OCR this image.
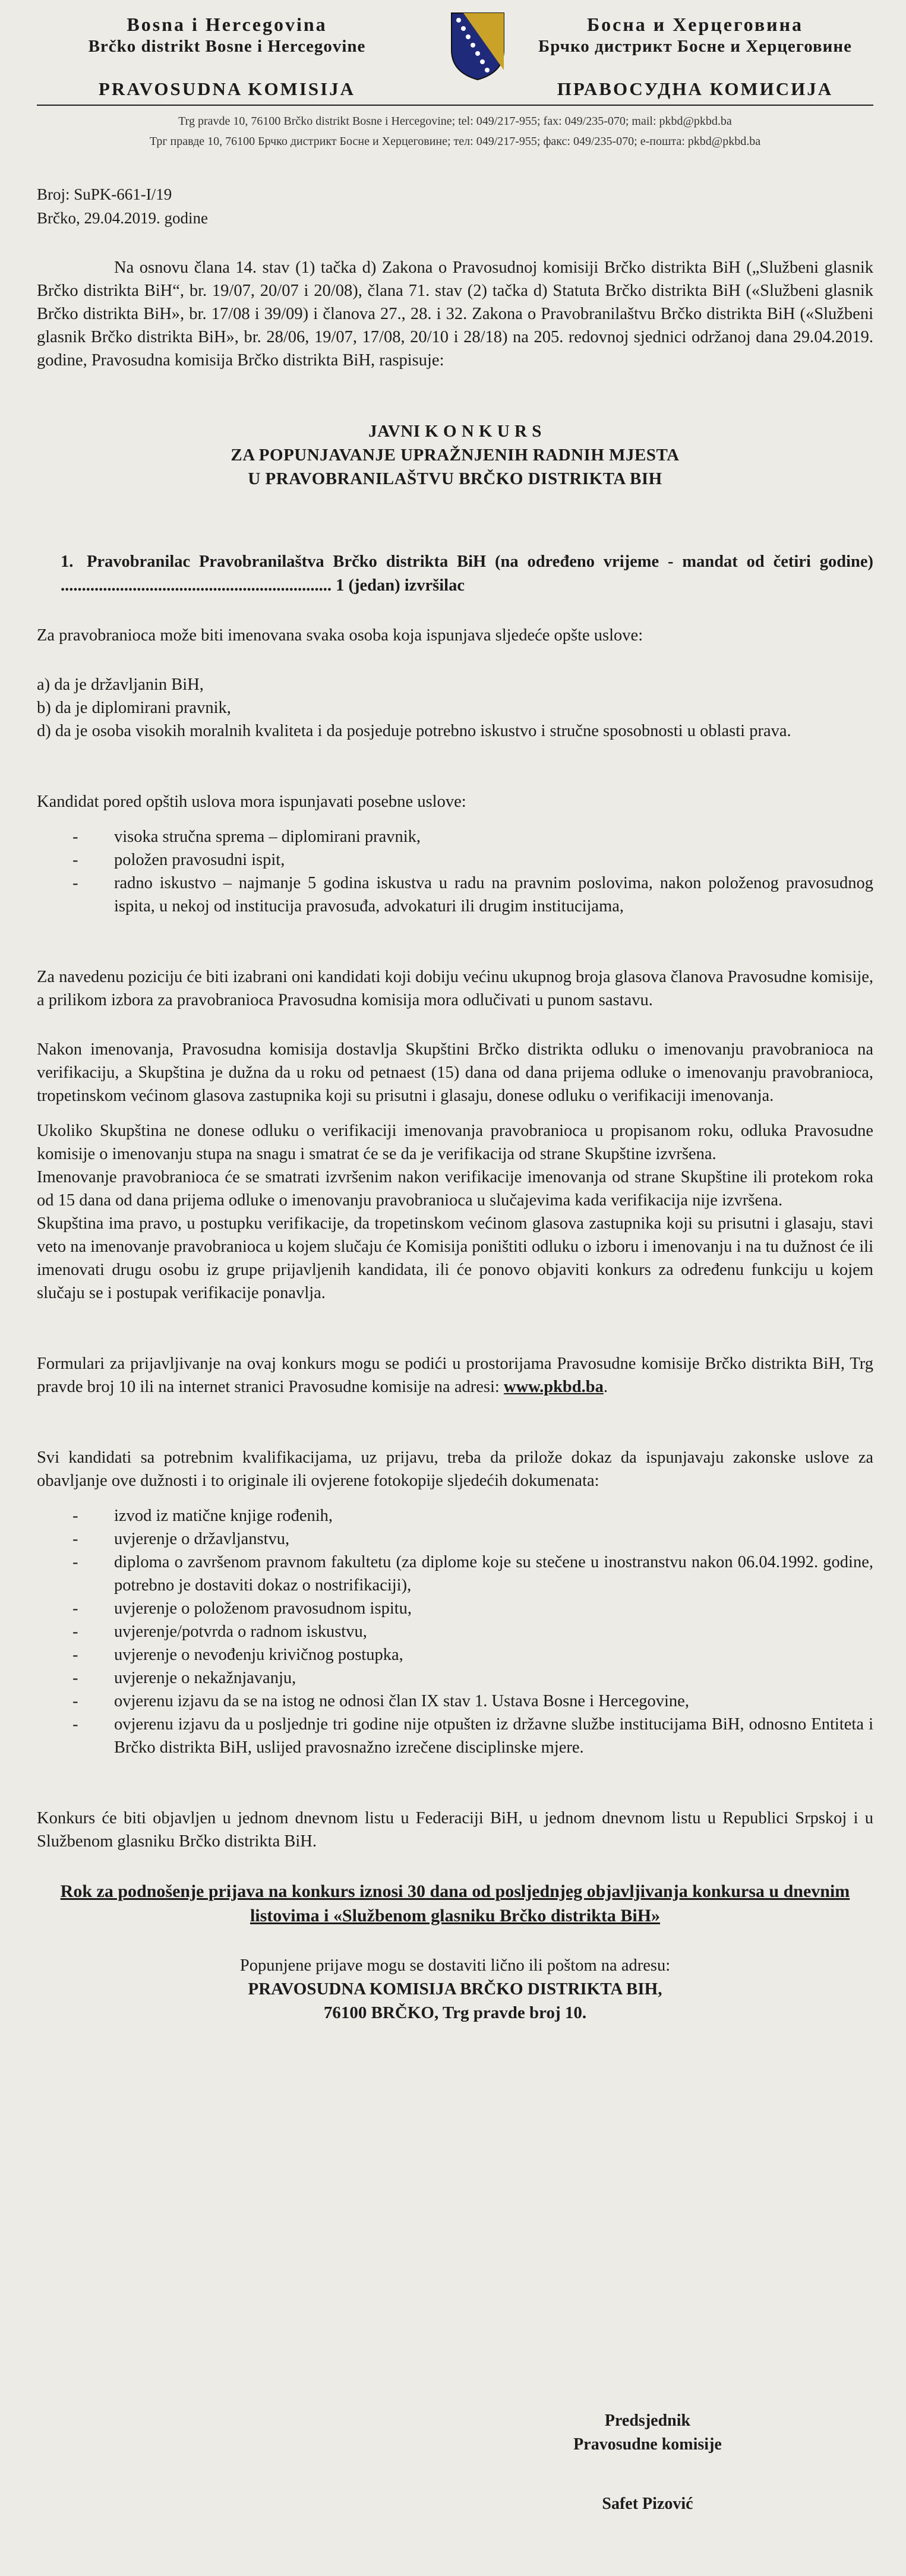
Bosna i Hercegovina
Brčko distrikt Bosne i Hercegovine
PRAVOSUDNA KOMISIJA
Босна и Херцеговина
Брчко дистрикт Босне и Херцеговине
ПРАВОСУДНА КОМИСИЈА
Trg pravde 10, 76100 Brčko distrikt Bosne i Hercegovine; tel: 049/217-955; fax: 049/235-070; mail: pkbd@pkbd.ba
Трг правде 10, 76100 Брчко дистрикт Босне и Херцеговине; тел: 049/217-955; факс: 049/235-070; е-пошта: pkbd@pkbd.ba
Broj: SuPK-661-I/19
Brčko, 29.04.2019. godine

Na osnovu člana 14. stav (1) tačka d) Zakona o Pravosudnoj komisiji Brčko distrikta BiH („Službeni glasnik Brčko distrikta BiH“, br. 19/07, 20/07 i 20/08), člana 71. stav (2) tačka d) Statuta Brčko distrikta BiH («Službeni glasnik Brčko distrikta BiH», br. 17/08 i 39/09) i članova 27., 28. i 32. Zakona o Pravobranilaštvu Brčko distrikta BiH («Službeni glasnik Brčko distrikta BiH», br. 28/06, 19/07, 17/08, 20/10 i 28/18) na 205. redovnoj sjednici održanoj dana 29.04.2019. godine, Pravosudna komisija Brčko distrikta BiH, raspisuje:

JAVNI K O N K U R S
ZA POPUNJAVANJE UPRAŽNJENIH RADNIH MJESTA
U PRAVOBRANILAŠTVU BRČKO DISTRIKTA BIH

1. Pravobranilac Pravobranilaštva Brčko distrikta BiH (na određeno vrijeme - mandat od četiri godine) ................................................................ 1 (jedan) izvršilac

Za pravobranioca može biti imenovana svaka osoba koja ispunjava sljedeće opšte uslove:

a) da je državljanin BiH,

b) da je diplomirani pravnik,

d) da je osoba visokih moralnih kvaliteta i da posjeduje potrebno iskustvo i stručne sposobnosti u oblasti prava.

Kandidat pored opštih uslova mora ispunjavati posebne uslove:

- visoka stručna sprema – diplomirani pravnik,
- položen pravosudni ispit,
- radno iskustvo – najmanje 5 godina iskustva u radu na pravnim poslovima, nakon položenog pravosudnog ispita, u nekoj od institucija pravosuđa, advokaturi ili drugim institucijama,

Za navedenu poziciju će biti izabrani oni kandidati koji dobiju većinu ukupnog broja glasova članova Pravosudne komisije, a prilikom izbora za pravobranioca Pravosudna komisija mora odlučivati u punom sastavu.

Nakon imenovanja, Pravosudna komisija dostavlja Skupštini Brčko distrikta odluku o imenovanju pravobranioca na verifikaciju, a Skupština je dužna da u roku od petnaest (15) dana od dana prijema odluke o imenovanju pravobranioca, tropetinskom većinom glasova zastupnika koji su prisutni i glasaju, donese odluku o verifikaciji imenovanja.

Ukoliko Skupština ne donese odluku o verifikaciji imenovanja pravobranioca u propisanom roku, odluka Pravosudne komisije o imenovanju stupa na snagu i smatrat će se da je verifikacija od strane Skupštine izvršena.

Imenovanje pravobranioca će se smatrati izvršenim nakon verifikacije imenovanja od strane Skupštine ili protekom roka od 15 dana od dana prijema odluke o imenovanju pravobranioca u slučajevima kada verifikacija nije izvršena.

Skupština ima pravo, u postupku verifikacije, da tropetinskom većinom glasova zastupnika koji su prisutni i glasaju, stavi veto na imenovanje pravobranioca u kojem slučaju će Komisija poništiti odluku o izboru i imenovanju i na tu dužnost će ili imenovati drugu osobu iz grupe prijavljenih kandidata, ili će ponovo objaviti konkurs za određenu funkciju u kojem slučaju se i postupak verifikacije ponavlja.

Formulari za prijavljivanje na ovaj konkurs mogu se podići u prostorijama Pravosudne komisije Brčko distrikta BiH, Trg pravde broj 10 ili na internet stranici Pravosudne komisije na adresi: www.pkbd.ba.

Svi kandidati sa potrebnim kvalifikacijama, uz prijavu, treba da prilože dokaz da ispunjavaju zakonske uslove za obavljanje ove dužnosti i to originale ili ovjerene fotokopije sljedećih dokumenata:

- izvod iz matične knjige rođenih,
- uvjerenje o državljanstvu,
- diploma o završenom pravnom fakultetu (za diplome koje su stečene u inostranstvu nakon 06.04.1992. godine, potrebno je dostaviti dokaz o nostrifikaciji),
- uvjerenje o položenom pravosudnom ispitu,
- uvjerenje/potvrda o radnom iskustvu,
- uvjerenje o nevođenju krivičnog postupka,
- uvjerenje o nekažnjavanju,
- ovjerenu izjavu da se na istog ne odnosi član IX stav 1. Ustava Bosne i Hercegovine,
- ovjerenu izjavu da u posljednje tri godine nije otpušten iz državne službe institucijama BiH, odnosno Entiteta i Brčko distrikta BiH, uslijed pravosnažno izrečene disciplinske mjere.

Konkurs će biti objavljen u jednom dnevnom listu u Federaciji BiH, u jednom dnevnom listu u Republici Srpskoj i u Službenom glasniku Brčko distrikta BiH.

Rok za podnošenje prijava na konkurs iznosi 30 dana od posljednjeg objavljivanja konkursa u dnevnim listovima i «Službenom glasniku Brčko distrikta BiH»

Popunjene prijave mogu se dostaviti lično ili poštom na adresu:

PRAVOSUDNA KOMISIJA BRČKO DISTRIKTA BIH,

76100 BRČKO, Trg pravde broj 10.

Predsjednik
Pravosudne komisije
Safet Pizović
